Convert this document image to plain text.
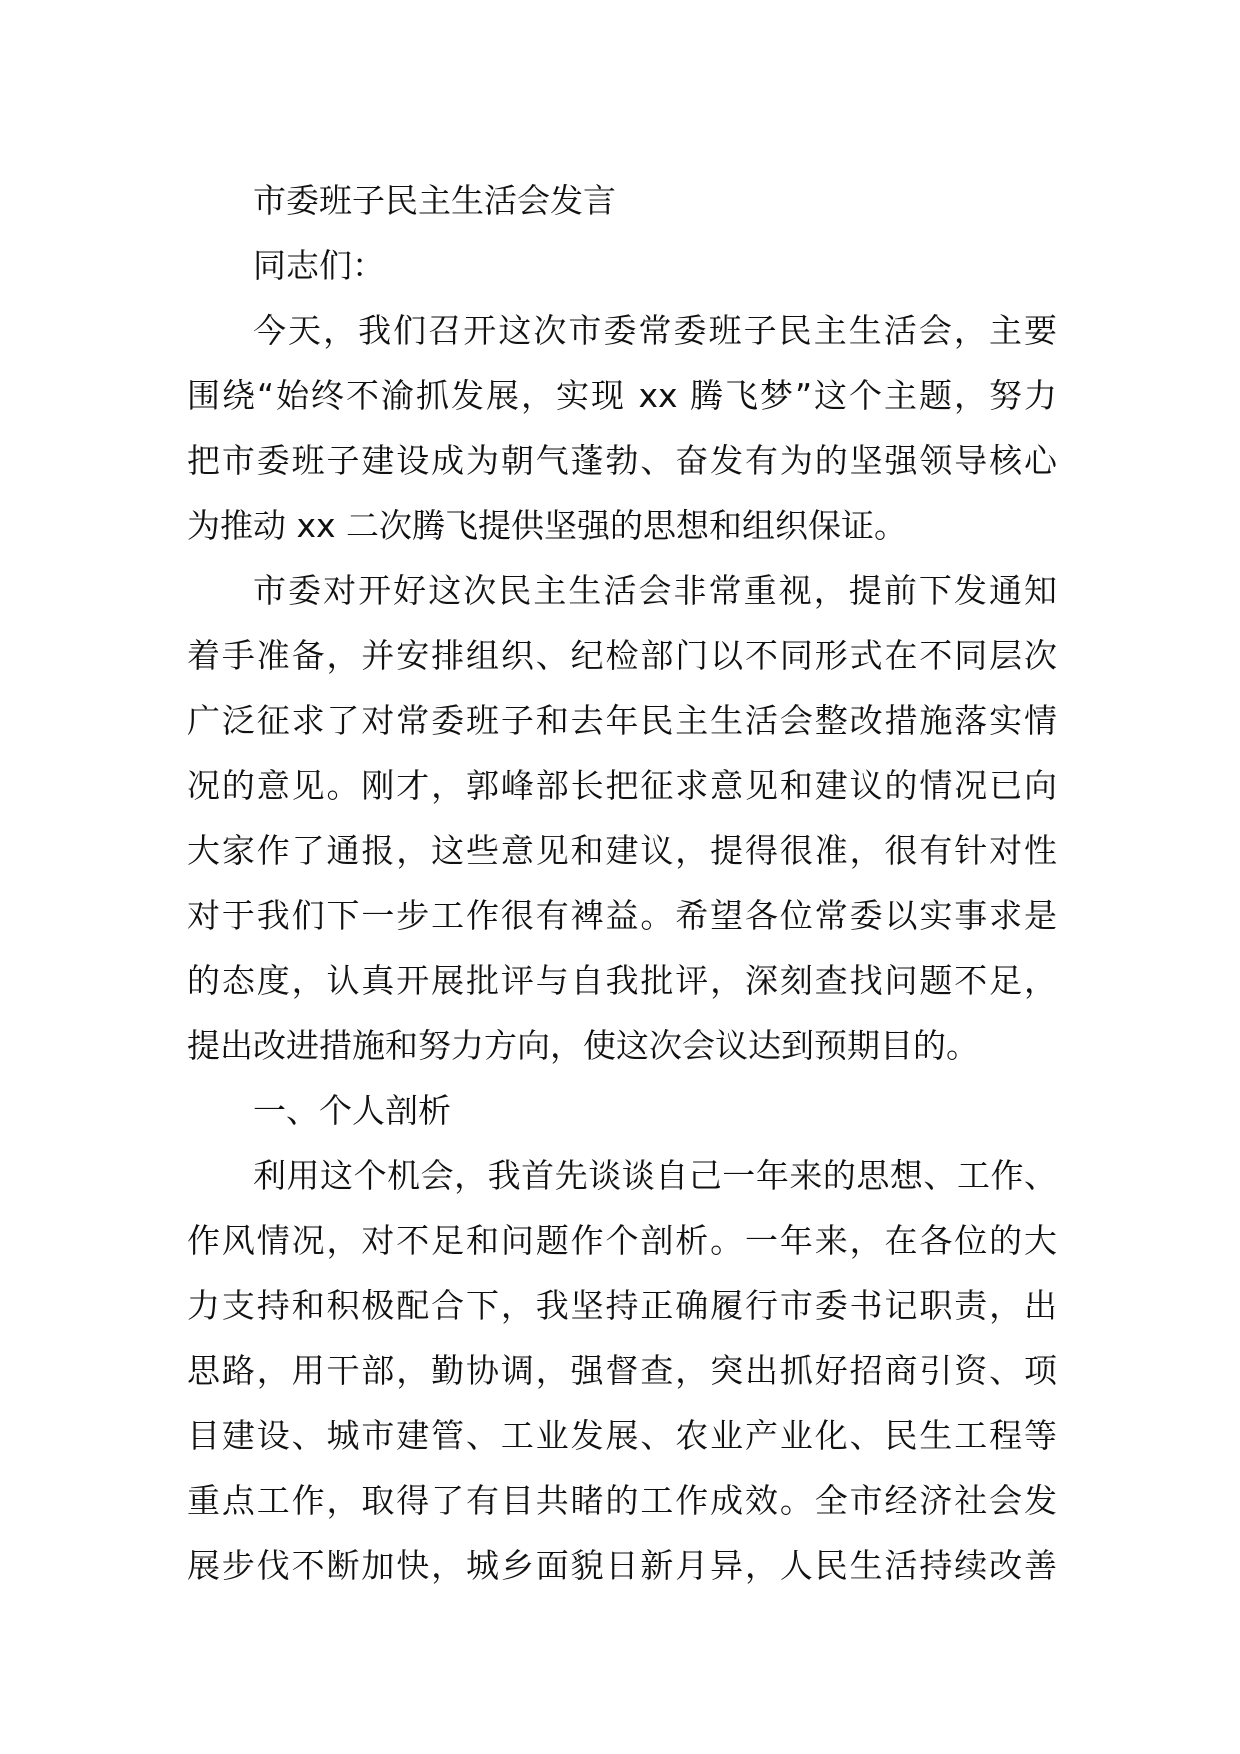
市委班子民主生活会发言
同志们：
今天，我们召开这次市委常委班子民主生活会，主要
围绕“始终不渝抓发展，实现 xx 腾飞梦”这个主题，努力
把市委班子建设成为朝气蓬勃、奋发有为的坚强领导核心
为推动 xx 二次腾飞提供坚强的思想和组织保证。
市委对开好这次民主生活会非常重视，提前下发通知
着手准备，并安排组织、纪检部门以不同形式在不同层次
广泛征求了对常委班子和去年民主生活会整改措施落实情
况的意见。刚才，郭峰部长把征求意见和建议的情况已向
大家作了通报，这些意见和建议，提得很准，很有针对性
对于我们下一步工作很有裨益。希望各位常委以实事求是
的态度，认真开展批评与自我批评，深刻查找问题不足，
提出改进措施和努力方向，使这次会议达到预期目的。
一、个人剖析
利用这个机会，我首先谈谈自己一年来的思想、工作、
作风情况，对不足和问题作个剖析。一年来，在各位的大
力支持和积极配合下，我坚持正确履行市委书记职责，出
思路，用干部，勤协调，强督查，突出抓好招商引资、项
目建设、城市建管、工业发展、农业产业化、民生工程等
重点工作，取得了有目共睹的工作成效。全市经济社会发
展步伐不断加快，城乡面貌日新月异，人民生活持续改善
